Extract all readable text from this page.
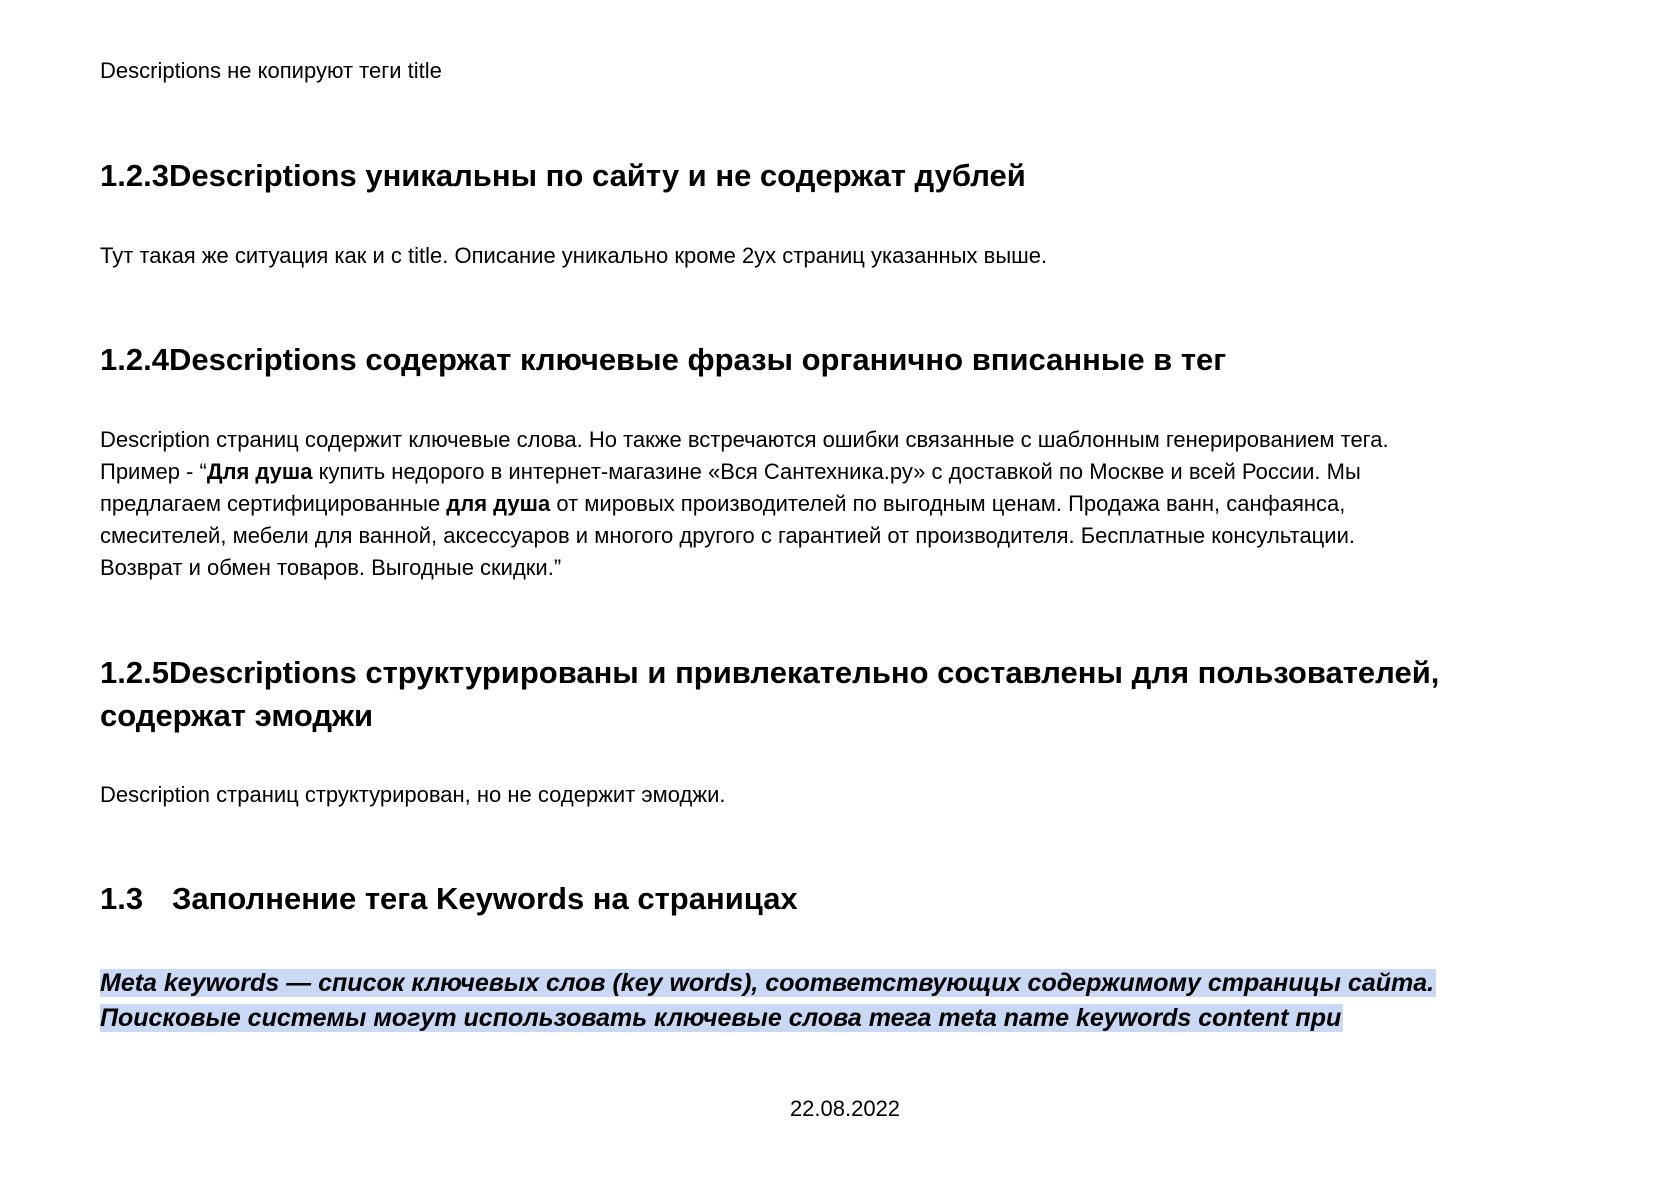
Descriptions не копируют теги title

1.2.3Descriptions уникальны по сайту и не содержат дублей

Тут такая же ситуация как и с title. Описание уникально кроме 2ух страниц указанных выше.

1.2.4Descriptions содержат ключевые фразы органично вписанные в тег
Description страниц содержит ключевые слова. Но также встречаются ошибки связанные с шаблонным генерированием тега.
Пример - “Для душа купить недорого в интернет-магазине «Вся Сантехника.ру» с доставкой по Москве и всей России. Мы
предлагаем сертифицированные для душа от мировых производителей по выгодным ценам. Продажа ванн, санфаянса,
смесителей, мебели для ванной, аксессуаров и многого другого с гарантией от производителя. Бесплатные консультации.
Возврат и обмен товаров. Выгодные скидки.”
1.2.5Descriptions структурированы и привлекательно составлены для пользователей,
содержат эмоджи

Description страниц структурирован, но не содержит эмоджи.

1.3 Заполнение тега Keywords на страницах
Meta keywords — список ключевых слов (key words), соответствующих содержимому страницы сайта.
Поисковые системы могут использовать ключевые слова тега meta name keywords content при
22.08.2022
